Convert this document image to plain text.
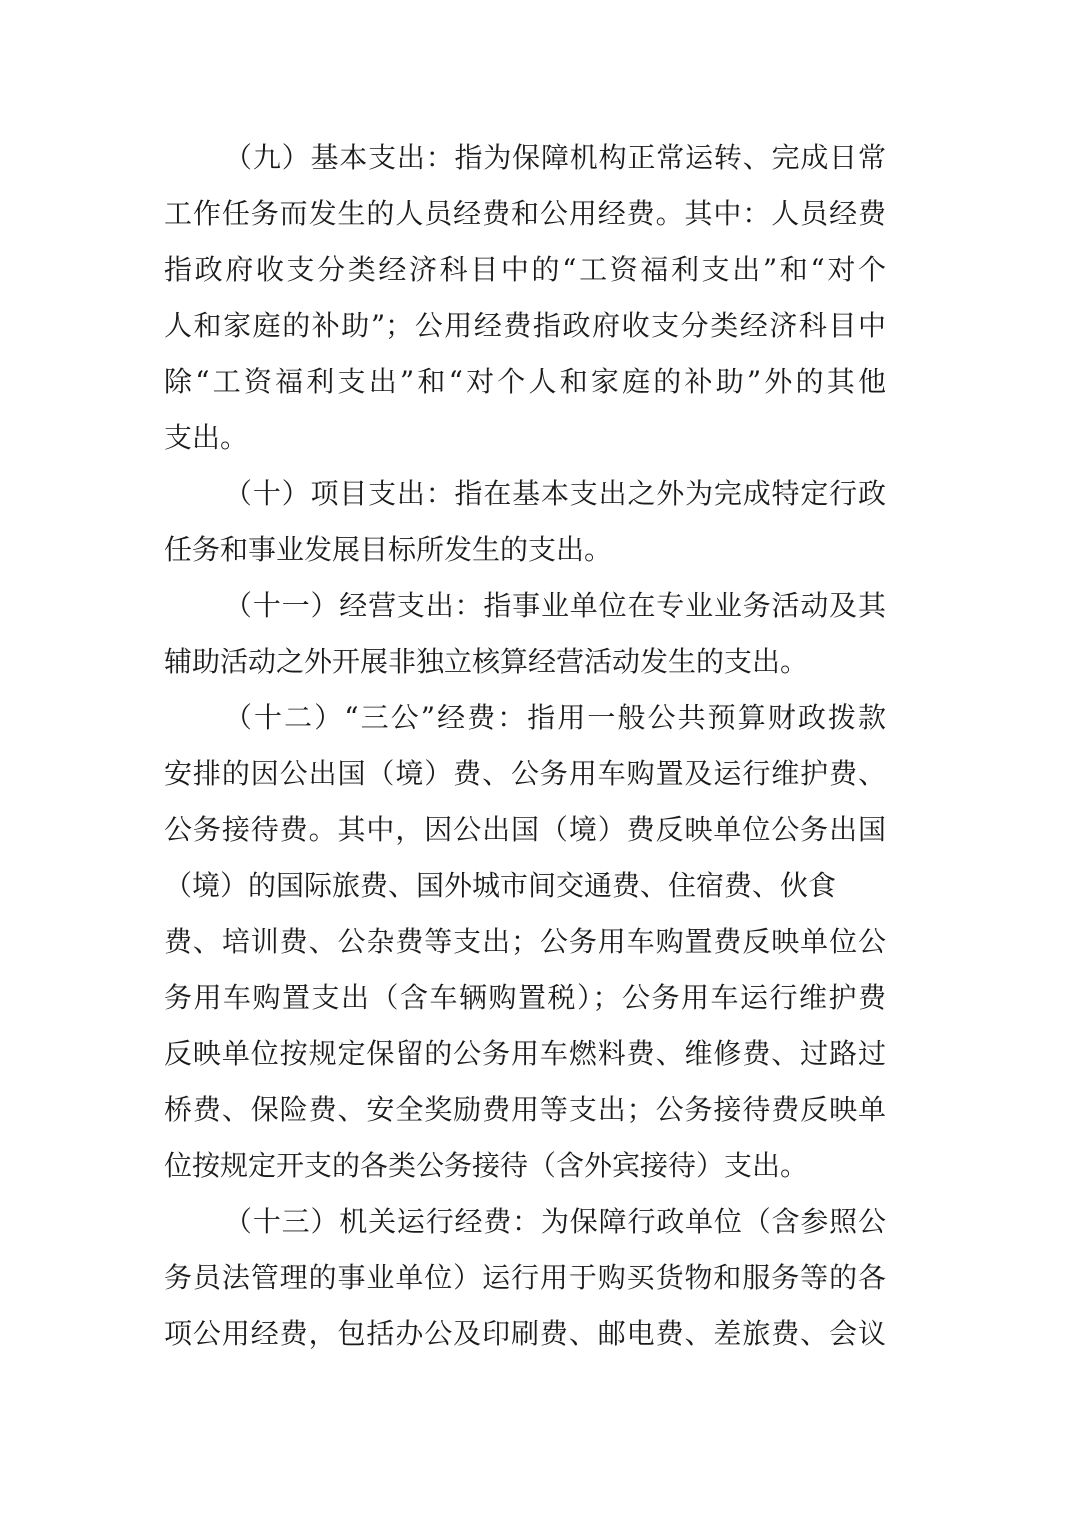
（九）基本支出：指为保障机构正常运转、完成日常
工作任务而发生的人员经费和公用经费。其中：人员经费
指政府收支分类经济科目中的“工资福利支出”和“对个
人和家庭的补助”；公用经费指政府收支分类经济科目中
除“工资福利支出”和“对个人和家庭的补助”外的其他
支出。
（十）项目支出：指在基本支出之外为完成特定行政
任务和事业发展目标所发生的支出。
（十一）经营支出：指事业单位在专业业务活动及其
辅助活动之外开展非独立核算经营活动发生的支出。
（十二）“三公”经费：指用一般公共预算财政拨款
安排的因公出国（境）费、公务用车购置及运行维护费、
公务接待费。其中，因公出国（境）费反映单位公务出国
（境）的国际旅费、国外城市间交通费、住宿费、伙食
费、培训费、公杂费等支出；公务用车购置费反映单位公
务用车购置支出（含车辆购置税）；公务用车运行维护费
反映单位按规定保留的公务用车燃料费、维修费、过路过
桥费、保险费、安全奖励费用等支出；公务接待费反映单
位按规定开支的各类公务接待（含外宾接待）支出。
（十三）机关运行经费：为保障行政单位（含参照公
务员法管理的事业单位）运行用于购买货物和服务等的各
项公用经费，包括办公及印刷费、邮电费、差旅费、会议
